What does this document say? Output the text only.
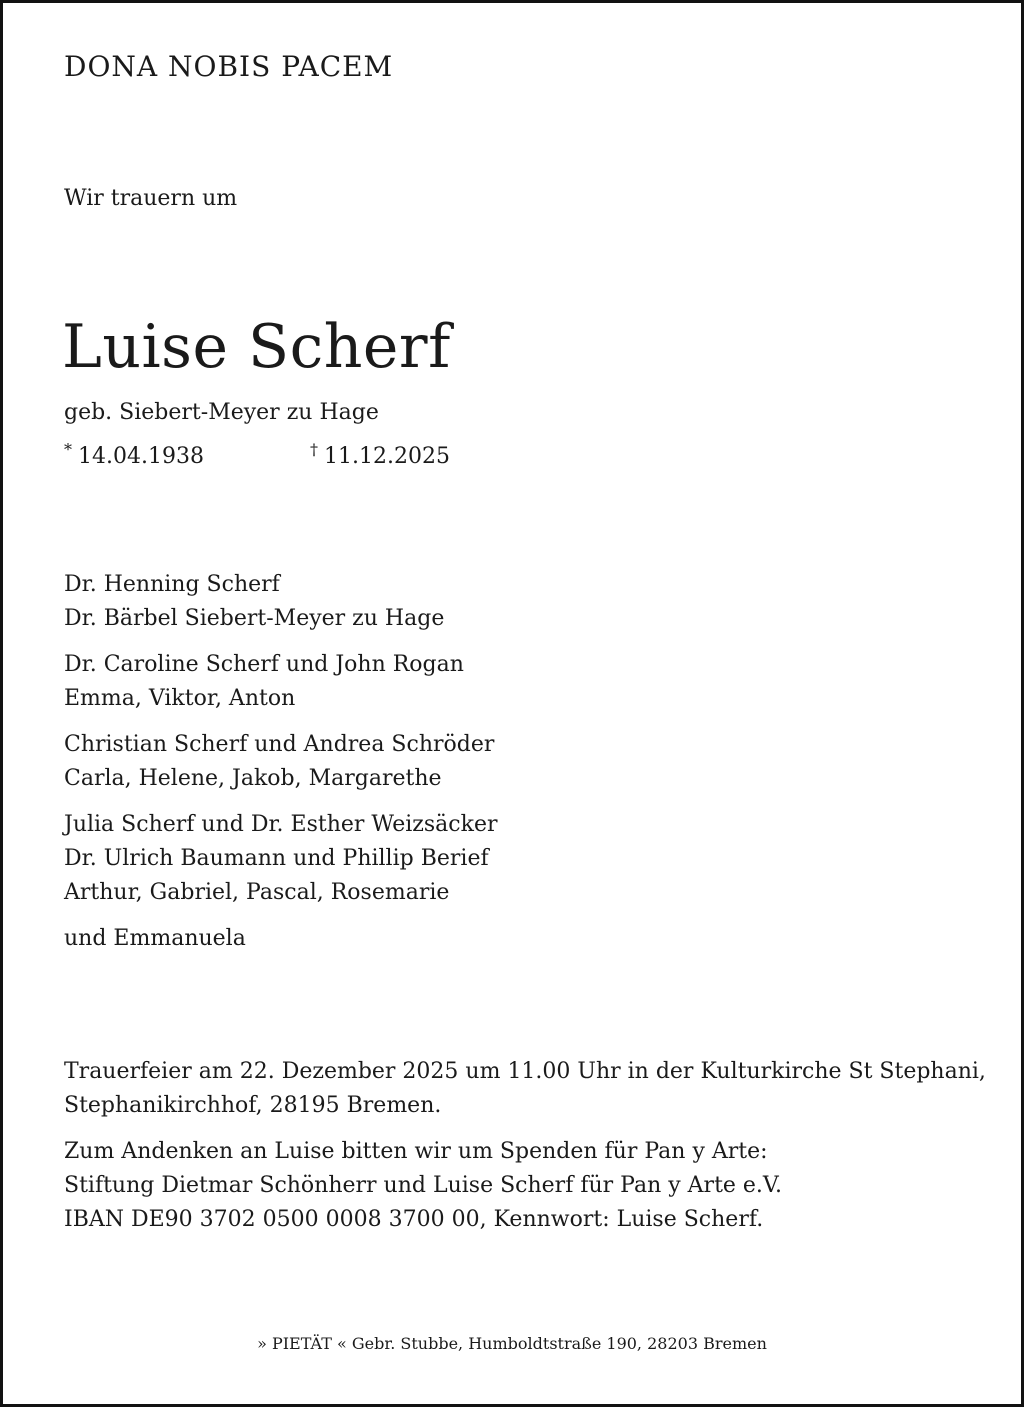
DONA NOBIS PACEM
Wir trauern um
Luise Scherf
geb. Siebert-Meyer zu Hage
* 14.04.1938	† 11.12.2025
Dr. Henning Scherf
Dr. Bärbel Siebert-Meyer zu Hage
Dr. Caroline Scherf und John Rogan
Emma, Viktor, Anton
Christian Scherf und Andrea Schröder
Carla, Helene, Jakob, Margarethe
Julia Scherf und Dr. Esther Weizsäcker
Dr. Ulrich Baumann und Phillip Berief
Arthur, Gabriel, Pascal, Rosemarie
und Emmanuela
Trauerfeier am 22. Dezember 2025 um 11.00 Uhr in der Kulturkirche St Stephani,
Stephanikirchhof, 28195 Bremen.
Zum Andenken an Luise bitten wir um Spenden für Pan y Arte:
Stiftung Dietmar Schönherr und Luise Scherf für Pan y Arte e.V.
IBAN DE90 3702 0500 0008 3700 00, Kennwort: Luise Scherf.
» PIETÄT « Gebr. Stubbe, Humboldtstraße 190, 28203 Bremen
